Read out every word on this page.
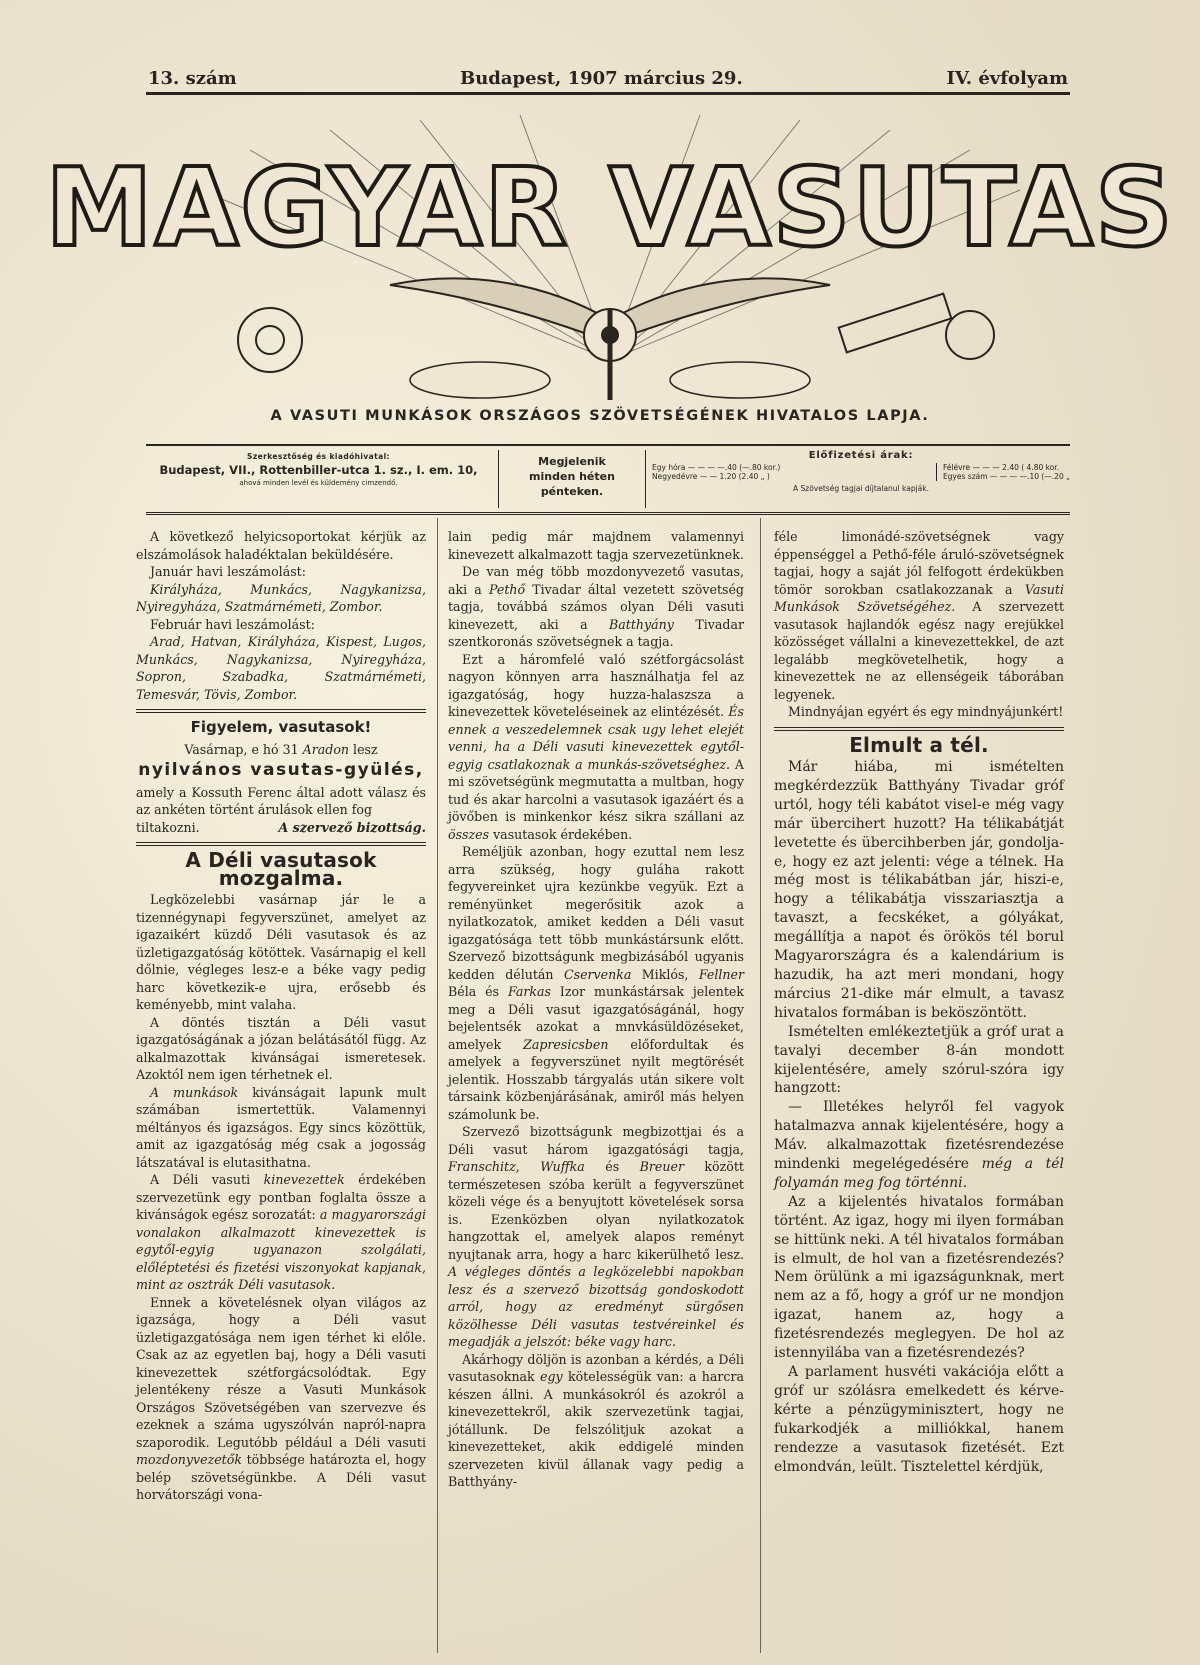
13. szám	Budapest, 1907 március 29.	IV. évfolyam
MAGYAR VASUTAS
A VASUTI MUNKÁSOK ORSZÁGOS SZÖVETSÉGÉNEK HIVATALOS LAPJA.
Szerkesztőség és kiadóhivatal:
Budapest, VII., Rottenbiller-utca 1. sz., I. em. 10,
ahová minden levél és küldemény cimzendő.
Megjelenik
minden héten
pénteken.
Előfizetési árak:
Egy hóra — — — —.40 (—.80 kor.)
Negyedévre — — 1.20 (2.40 „ )
Félévre — — — 2.40 ( 4.80 kor.
Egyes szám — — — —.10 (—.20 „
A Szövetség tagjai díjtalanul kapják.

A következő helyicsoportokat kérjük az elszámolások haladéktalan beküldésére.

Január havi leszámolást:

Királyháza, Munkács, Nagykanizsa, Nyiregyháza, Szatmárnémeti, Zombor.

Február havi leszámolást:

Arad, Hatvan, Királyháza, Kispest, Lugos, Munkács, Nagykanizsa, Nyiregyháza, Sopron, Szabadka, Szatmárnémeti, Temesvár, Tövis, Zombor.

Figyelem, vasutasok!

Vasárnap, e hó 31 Aradon lesz

nyilvános vasutas-gyülés,

amely a Kossuth Ferenc által adott válasz és az ankéten történt árulások ellen fog

tiltakozni.	A szervező bizottság.

A Déli vasutasok mozgalma.

Legközelebbi vasárnap jár le a tizennégynapi fegyverszünet, amelyet az igazaikért küzdő Déli vasutasok és az üzletigazgatóság kötöttek. Vasárnapig el kell dőlnie, végleges lesz-e a béke vagy pedig harc következik-e ujra, erősebb és keményebb, mint valaha.

A döntés tisztán a Déli vasut igazgatóságának a józan belátásától függ. Az alkalmazottak kivánságai ismeretesek. Azoktól nem igen térhetnek el.

A munkások kivánságait lapunk mult számában ismertettük. Valamennyi méltányos és igazságos. Egy sincs közöttük, amit az igazgatóság még csak a jogosság látszatával is elutasithatna.

A Déli vasuti kinevezettek érdekében szervezetünk egy pontban foglalta össze a kivánságok egész sorozatát: a magyarországi vonalakon alkalmazott kinevezettek is egytől-egyig ugyanazon szolgálati, előléptetési és fizetési viszonyokat kapjanak, mint az osztrák Déli vasutasok.

Ennek a követelésnek olyan világos az igazsága, hogy a Déli vasut üzletigazgatósága nem igen térhet ki előle. Csak az az egyetlen baj, hogy a Déli vasuti kinevezettek szétforgácsolódtak. Egy jelentékeny része a Vasuti Munkások Országos Szövetségében van szervezve és ezeknek a száma ugyszólván napról-napra szaporodik. Legutóbb például a Déli vasuti mozdonyvezetők többsége határozta el, hogy belép szövetségünkbe. A Déli vasut horvátországi vona-

lain pedig már majdnem valamennyi kinevezett alkalmazott tagja szervezetünknek.

De van még több mozdonyvezető vasutas, aki a Pethő Tivadar által vezetett szövetség tagja, továbbá számos olyan Déli vasuti kinevezett, aki a Batthyány Tivadar szentkoronás szövetségnek a tagja.

Ezt a háromfelé való szétforgácsolást nagyon könnyen arra használhatja fel az igazgatóság, hogy huzza-halaszsza a kinevezettek követeléseinek az elintézését. És ennek a veszedelemnek csak ugy lehet elejét venni, ha a Déli vasuti kinevezettek egytől-egyig csatlakoznak a munkás-szövetséghez. A mi szövetségünk megmutatta a multban, hogy tud és akar harcolni a vasutasok igazáért és a jövőben is minkenkor kész sikra szállani az összes vasutasok érdekében.

Reméljük azonban, hogy ezuttal nem lesz arra szükség, hogy guláha rakott fegyvereinket ujra kezünkbe vegyük. Ezt a reményünket megerősitik azok a nyilatkozatok, amiket kedden a Déli vasut igazgatósága tett több munkástársunk előtt. Szervező bizottságunk megbizásából ugyanis kedden délután Cservenka Miklós, Fellner Béla és Farkas Izor munkástársak jelentek meg a Déli vasut igazgatóságánál, hogy bejelentsék azokat a mnvkásüldözéseket, amelyek Zapresicsben előfordultak és amelyek a fegyverszünet nyilt megtörését jelentik. Hosszabb tárgyalás után sikere volt társaink közbenjárásának, amiről más helyen számolunk be.

Szervező bizottságunk megbizottjai és a Déli vasut három igazgatósági tagja, Franschitz, Wuffka és Breuer között természetesen szóba került a fegyverszünet közeli vége és a benyujtott követelések sorsa is. Ezenközben olyan nyilatkozatok hangzottak el, amelyek alapos reményt nyujtanak arra, hogy a harc kikerülhető lesz. A végleges döntés a legközelebbi napokban lesz és a szervező bizottság gondoskodott arról, hogy az eredményt sürgősen közölhesse Déli vasutas testvéreinkel és megadják a jelszót: béke vagy harc.

Akárhogy döljön is azonban a kérdés, a Déli vasutasoknak egy kötelességük van: a harcra készen állni. A munkásokról és azokról a kinevezettekről, akik szervezetünk tagjai, jótállunk. De felszólitjuk azokat a kinevezetteket, akik eddigelé minden szervezeten kivül állanak vagy pedig a Batthyány-

féle limonádé-szövetségnek vagy éppenséggel a Pethő-féle áruló-szövetségnek tagjai, hogy a saját jól felfogott érdekükben tömör sorokban csatlakozzanak a Vasuti Munkások Szövetségéhez. A szervezett vasutasok hajlandók egész nagy erejükkel közösséget vállalni a kinevezettekkel, de azt legalább megkövetelhetik, hogy a kinevezettek ne az ellenségeik táborában legyenek.

Mindnyájan egyért és egy mindnyájunkért!

Elmult a tél.

Már hiába, mi ismételten megkérdezzük Batthyány Tivadar gróf urtól, hogy téli kabátot visel-e még vagy már übercihert huzott? Ha télikabátját levetette és übercihberben jár, gondolja-e, hogy ez azt jelenti: vége a télnek. Ha még most is télikabátban jár, hiszi-e, hogy a télikabátja visszariasztja a tavaszt, a fecskéket, a gólyákat, megállítja a napot és örökös tél borul Magyarországra és a kalendárium is hazudik, ha azt meri mondani, hogy március 21-dike már elmult, a tavasz hivatalos formában is beköszöntött.

Ismételten emlékeztetjük a gróf urat a tavalyi december 8-án mondott kijelentésére, amely szórul-szóra igy hangzott:

— Illetékes helyről fel vagyok hatalmazva annak kijelentésére, hogy a Máv. alkalmazottak fizetésrendezése mindenki megelégedésére még a tél folyamán meg fog történni.

Az a kijelentés hivatalos formában történt. Az igaz, hogy mi ilyen formában se hittünk neki. A tél hivatalos formában is elmult, de hol van a fizetésrendezés? Nem örülünk a mi igazságunknak, mert nem az a fő, hogy a gróf ur ne mondjon igazat, hanem az, hogy a fizetésrendezés meglegyen. De hol az istennyilába van a fizetésrendezés?

A parlament husvéti vakációja előtt a gróf ur szólásra emelkedett és kérve-kérte a pénzügyminisztert, hogy ne fukarkodjék a milliókkal, hanem rendezze a vasutasok fizetését. Ezt elmondván, leült. Tisztelettel kérdjük,
